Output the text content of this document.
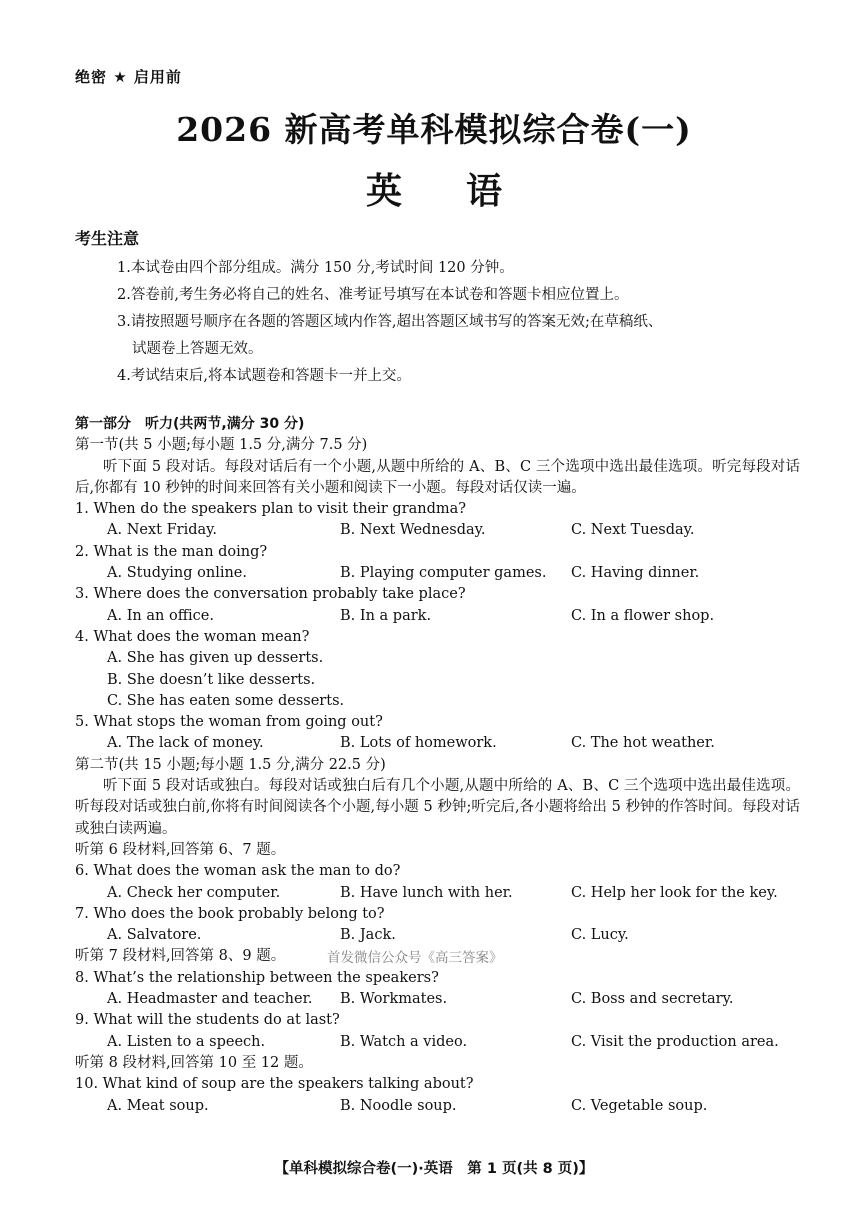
绝密 ★ 启用前
2026 新高考单科模拟综合卷(一)
英语
考生注意
1.本试卷由四个部分组成。满分 150 分,考试时间 120 分钟。
2.答卷前,考生务必将自己的姓名、准考证号填写在本试卷和答题卡相应位置上。
3.请按照题号顺序在各题的答题区域内作答,超出答题区域书写的答案无效;在草稿纸、
试题卷上答题无效。
4.考试结束后,将本试题卷和答题卡一并上交。
第一部分　听力(共两节,满分 30 分)
第一节(共 5 小题;每小题 1.5 分,满分 7.5 分)
听下面 5 段对话。每段对话后有一个小题,从题中所给的 A、B、C 三个选项中选出最佳选项。听完每段对话后,你都有 10 秒钟的时间来回答有关小题和阅读下一小题。每段对话仅读一遍。
1. When do the speakers plan to visit their grandma?
A. Next Friday.	B. Next Wednesday.	C. Next Tuesday.
2. What is the man doing?
A. Studying online.	B. Playing computer games. C. Having dinner.
3. Where does the conversation probably take place?
A. In an office.	B. In a park.	C. In a flower shop.
4. What does the woman mean?
A. She has given up desserts.
B. She doesn’t like desserts.
C. She has eaten some desserts.
5. What stops the woman from going out?
A. The lack of money.	B. Lots of homework.	C. The hot weather.
第二节(共 15 小题;每小题 1.5 分,满分 22.5 分)
听下面 5 段对话或独白。每段对话或独白后有几个小题,从题中所给的 A、B、C 三个选项中选出最佳选项。听每段对话或独白前,你将有时间阅读各个小题,每小题 5 秒钟;听完后,各小题将给出 5 秒钟的作答时间。每段对话或独白读两遍。
听第 6 段材料,回答第 6、7 题。
6. What does the woman ask the man to do?
A. Check her computer.	B. Have lunch with her.	C. Help her look for the key.
7. Who does the book probably belong to?
A. Salvatore.	B. Jack.	C. Lucy.
听第 7 段材料,回答第 8、9 题。
8. What’s the relationship between the speakers?
A. Headmaster and teacher. B. Workmates.	C. Boss and secretary.
9. What will the students do at last?
A. Listen to a speech.	B. Watch a video.	C. Visit the production area.
听第 8 段材料,回答第 10 至 12 题。
10. What kind of soup are the speakers talking about?
A. Meat soup.	B. Noodle soup.	C. Vegetable soup.
首发微信公众号《高三答案》
【单科模拟综合卷(一)·英语　第 1 页(共 8 页)】
